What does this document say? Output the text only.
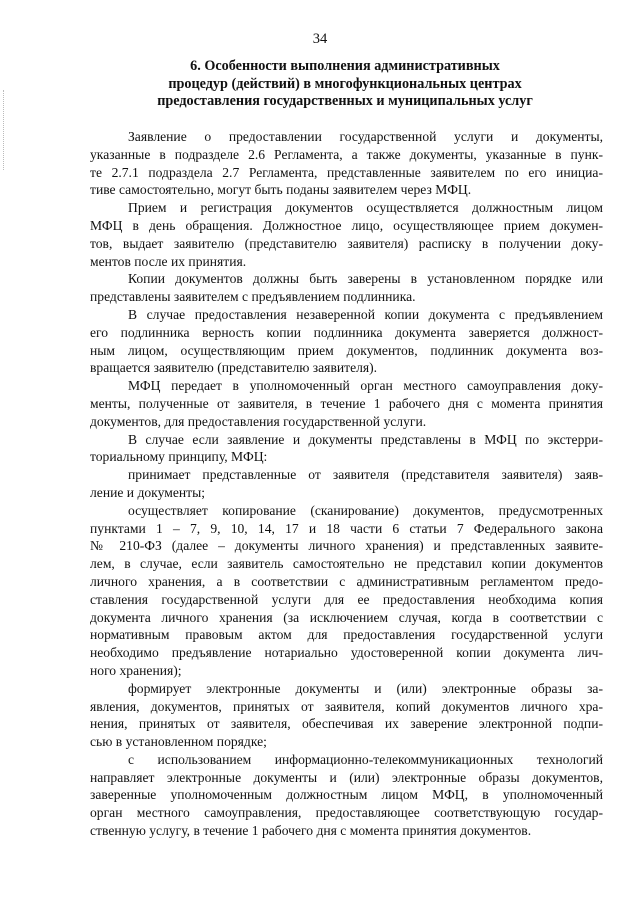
34
6. Особенности выполнения административных
процедур (действий) в многофункциональных центрах
предоставления государственных и муниципальных услуг
Заявление о предоставлении государственной услуги и документы,
указанные в подразделе 2.6 Регламента, а также документы, указанные в пунк-
те 2.7.1 подраздела 2.7 Регламента, представленные заявителем по его инициа-
тиве самостоятельно, могут быть поданы заявителем через МФЦ.
Прием и регистрация документов осуществляется должностным лицом
МФЦ в день обращения. Должностное лицо, осуществляющее прием докумен-
тов, выдает заявителю (представителю заявителя) расписку в получении доку-
ментов после их принятия.
Копии документов должны быть заверены в установленном порядке или
представлены заявителем с предъявлением подлинника.
В случае предоставления незаверенной копии документа с предъявлением
его подлинника верность копии подлинника документа заверяется должност-
ным лицом, осуществляющим прием документов, подлинник документа воз-
вращается заявителю (представителю заявителя).
МФЦ передает в уполномоченный орган местного самоуправления доку-
менты, полученные от заявителя, в течение 1 рабочего дня с момента принятия
документов, для предоставления государственной услуги.
В случае если заявление и документы представлены в МФЦ по экстерри-
ториальному принципу, МФЦ:
принимает представленные от заявителя (представителя заявителя) заяв-
ление и документы;
осуществляет копирование (сканирование) документов, предусмотренных
пунктами 1 – 7, 9, 10, 14, 17 и 18 части 6 статьи 7 Федерального закона
№ 210-ФЗ (далее – документы личного хранения) и представленных заявите-
лем, в случае, если заявитель самостоятельно не представил копии документов
личного хранения, а в соответствии с административным регламентом предо-
ставления государственной услуги для ее предоставления необходима копия
документа личного хранения (за исключением случая, когда в соответствии с
нормативным правовым актом для предоставления государственной услуги
необходимо предъявление нотариально удостоверенной копии документа лич-
ного хранения);
формирует электронные документы и (или) электронные образы за-
явления, документов, принятых от заявителя, копий документов личного хра-
нения, принятых от заявителя, обеспечивая их заверение электронной подпи-
сью в установленном порядке;
с использованием информационно-телекоммуникационных технологий
направляет электронные документы и (или) электронные образы документов,
заверенные уполномоченным должностным лицом МФЦ, в уполномоченный
орган местного самоуправления, предоставляющее соответствующую государ-
ственную услугу, в течение 1 рабочего дня с момента принятия документов.
